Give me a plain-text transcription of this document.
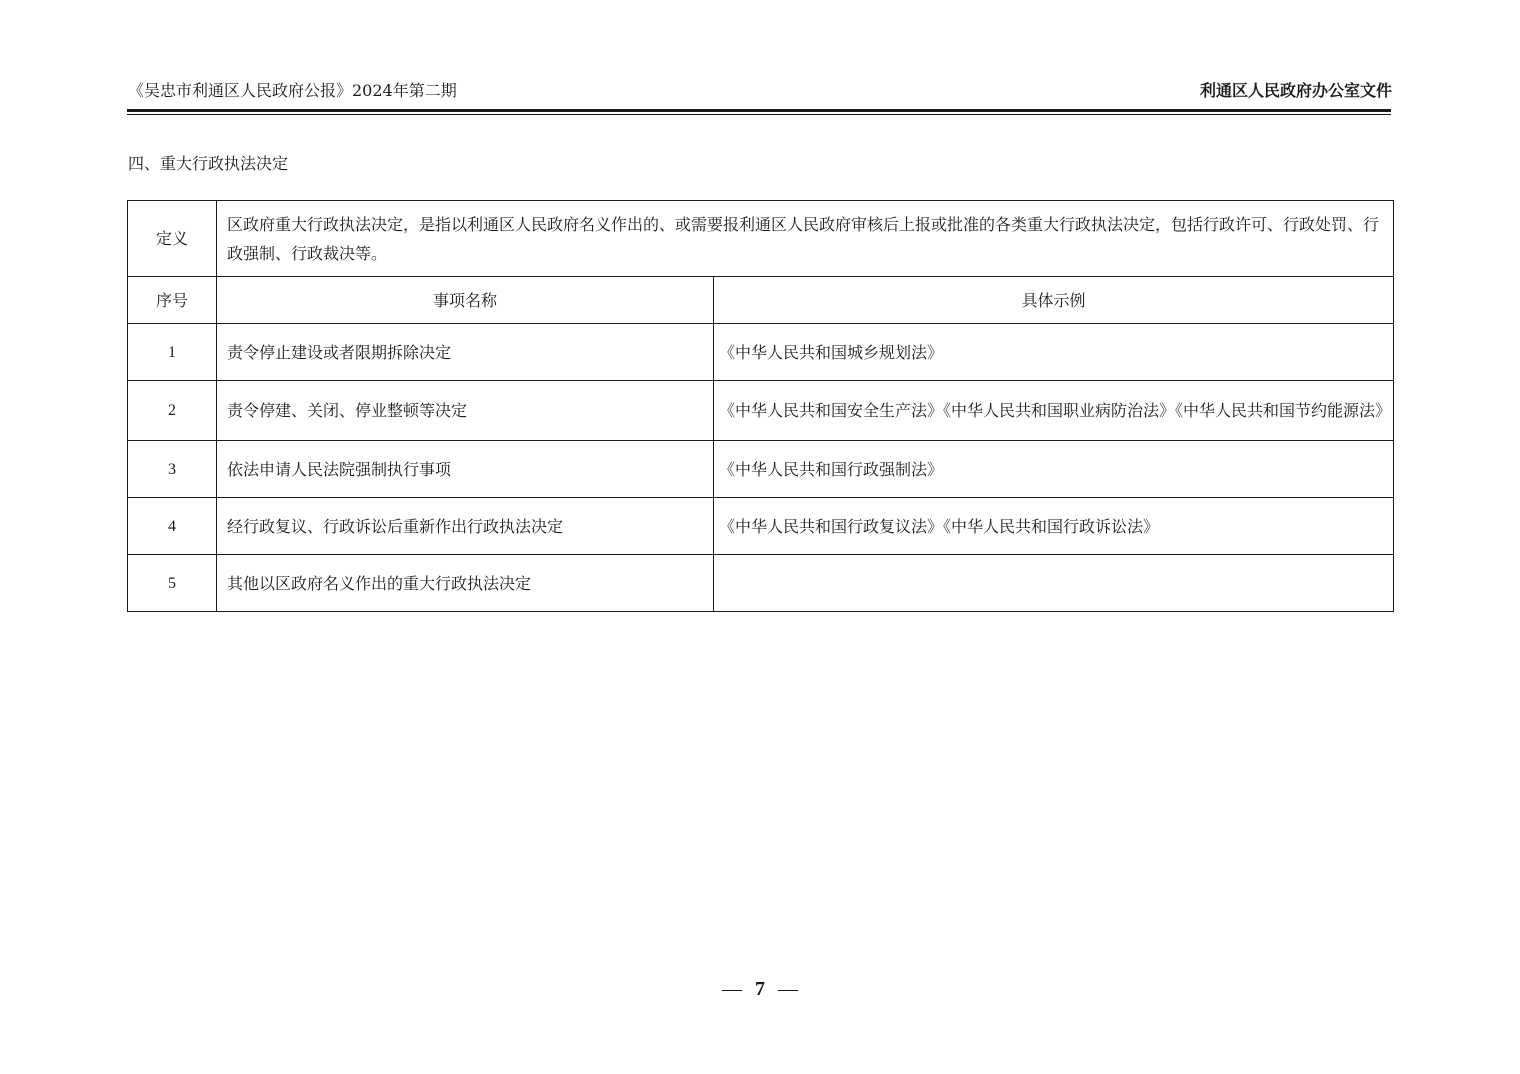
《吴忠市利通区人民政府公报》2024年第二期	利通区人民政府办公室文件
四、重大行政执法决定
定义	区政府重大行政执法决定，是指以利通区人民政府名义作出的、或需要报利通区人民政府审核后上报或批准的各类重大行政执法决定，包括行政许可、行政处罚、行政强制、行政裁决等。	
序号	事项名称	具体示例
1	责令停止建设或者限期拆除决定	《中华人民共和国城乡规划法》
2	责令停建、关闭、停业整顿等决定	《中华人民共和国安全生产法》《中华人民共和国职业病防治法》《中华人民共和国节约能源法》
3	依法申请人民法院强制执行事项	《中华人民共和国行政强制法》
4	经行政复议、行政诉讼后重新作出行政执法决定	《中华人民共和国行政复议法》《中华人民共和国行政诉讼法》
5	其他以区政府名义作出的重大行政执法决定	
— 7 —
